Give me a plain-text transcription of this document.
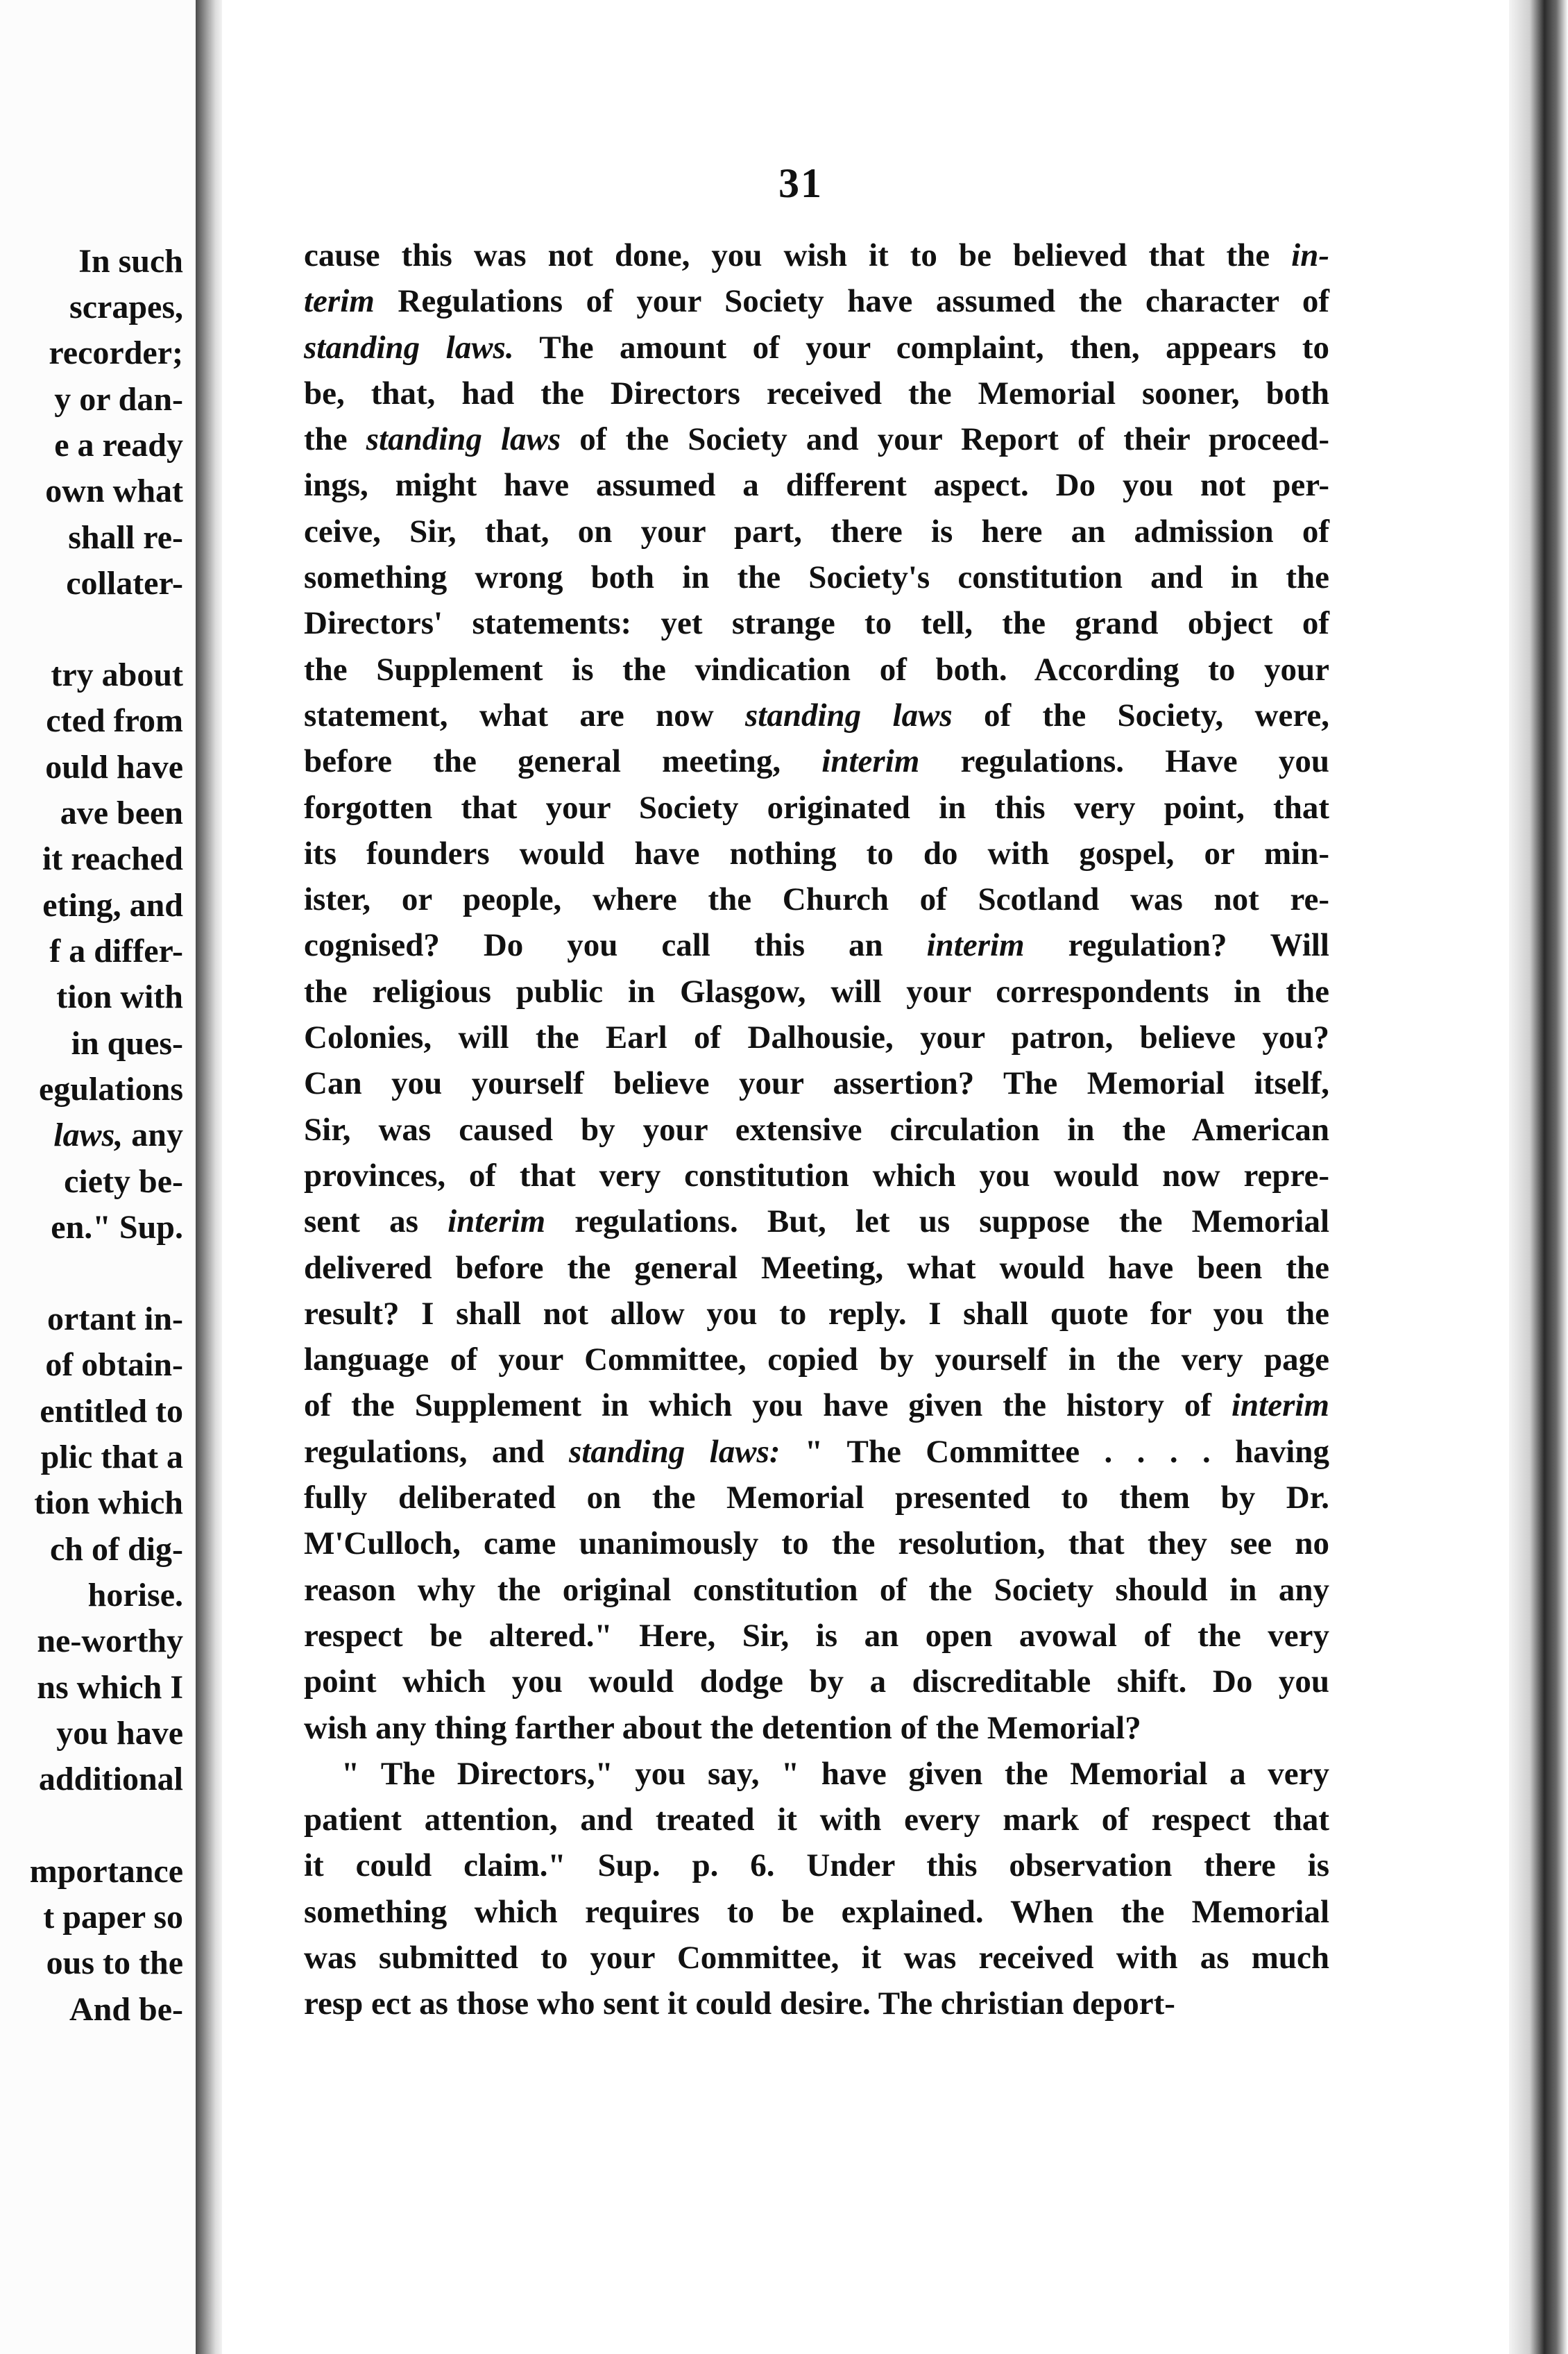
In such
scrapes,
recorder;
y or dan-
e a ready
own what
shall re-
collater-
try about
cted from
ould have
ave been
it reached
eting, and
f a differ-
tion with
in ques-
egulations
laws, any
ciety be-
en." Sup.
ortant in-
of obtain-
entitled to
plic that a
tion which
ch of dig-
horise.
ne-worthy
ns which I
you have
additional
mportance
t paper so
ous to the
And be-
31
cause this was not done, you wish it to be believed that the in-
terim Regulations of your Society have assumed the character of
standing laws. The amount of your complaint, then, appears to
be, that, had the Directors received the Memorial sooner, both
the standing laws of the Society and your Report of their proceed-
ings, might have assumed a different aspect. Do you not per-
ceive, Sir, that, on your part, there is here an admission of
something wrong both in the Society's constitution and in the
Directors' statements: yet strange to tell, the grand object of
the Supplement is the vindication of both. According to your
statement, what are now standing laws of the Society, were,
before the general meeting, interim regulations. Have you
forgotten that your Society originated in this very point, that
its founders would have nothing to do with gospel, or min-
ister, or people, where the Church of Scotland was not re-
cognised? Do you call this an interim regulation? Will
the religious public in Glasgow, will your correspondents in the
Colonies, will the Earl of Dalhousie, your patron, believe you?
Can you yourself believe your assertion? The Memorial itself,
Sir, was caused by your extensive circulation in the American
provinces, of that very constitution which you would now repre-
sent as interim regulations. But, let us suppose the Memorial
delivered before the general Meeting, what would have been the
result? I shall not allow you to reply. I shall quote for you the
language of your Committee, copied by yourself in the very page
of the Supplement in which you have given the history of interim
regulations, and standing laws: " The Committee . . . . having
fully deliberated on the Memorial presented to them by Dr.
M'Culloch, came unanimously to the resolution, that they see no
reason why the original constitution of the Society should in any
respect be altered." Here, Sir, is an open avowal of the very
point which you would dodge by a discreditable shift. Do you
wish any thing farther about the detention of the Memorial?
" The Directors," you say, " have given the Memorial a very
patient attention, and treated it with every mark of respect that
it could claim." Sup. p. 6. Under this observation there is
something which requires to be explained. When the Memorial
was submitted to your Committee, it was received with as much
resp ect as those who sent it could desire. The christian deport-
